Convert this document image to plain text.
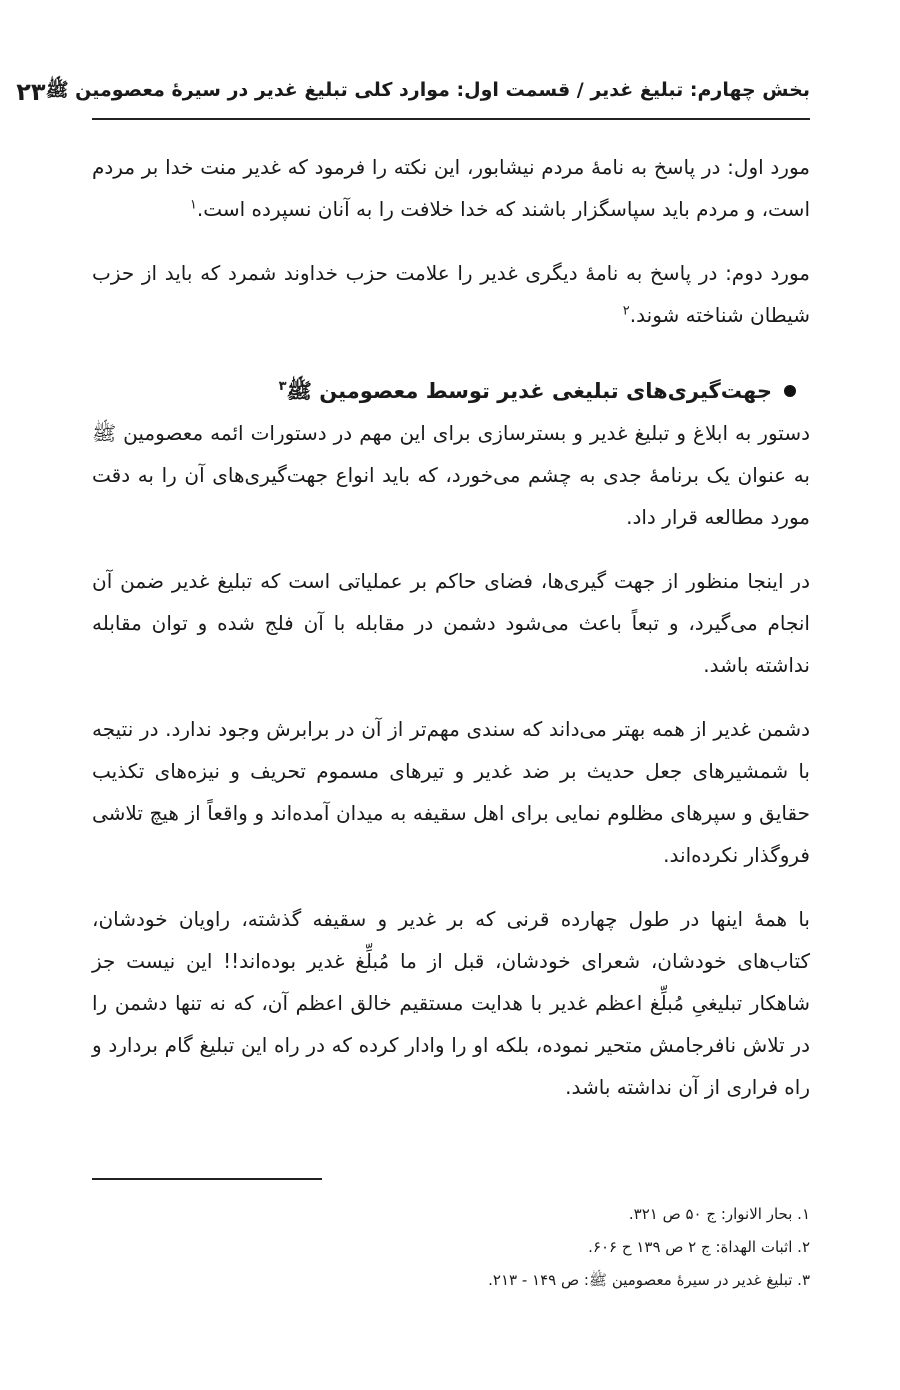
بخش چهارم: تبلیغ غدیر / قسمت اول: موارد کلی تبلیغ غدیر در سیرهٔ معصومین ﷺ
۲۳

مورد اول: در پاسخ به نامهٔ مردم نیشابور، این نکته را فرمود که غدیر منت خدا بر مردم است، و مردم باید سپاسگزار باشند که خدا خلافت را به آنان نسپرده است.$^۱$

مورد دوم: در پاسخ به نامهٔ دیگری غدیر را علامت حزب خداوند شمرد که باید از حزب شیطان شناخته شوند.$^۲$

جهت‌گیری‌های تبلیغی غدیر توسط معصومین ﷺ$^۳$

دستور به ابلاغ و تبلیغ غدیر و بسترسازی برای این مهم در دستورات ائمه معصومین ﷺ به عنوان یک برنامهٔ جدی به چشم می‌خورد، که باید انواع جهت‌گیری‌های آن را به دقت مورد مطالعه قرار داد.

در اینجا منظور از جهت گیری‌ها، فضای حاکم بر عملیاتی است که تبلیغ غدیر ضمن آن انجام می‌گیرد، و تبعاً باعث می‌شود دشمن در مقابله با آن فلج شده و توان مقابله نداشته باشد.

دشمن غدیر از همه بهتر می‌داند که سندی مهم‌تر از آن در برابرش وجود ندارد. در نتیجه با شمشیرهای جعل حدیث بر ضد غدیر و تیرهای مسموم تحریف و نیزه‌های تکذیب حقایق و سپرهای مظلوم نمایی برای اهل سقیفه به میدان آمده‌اند و واقعاً از هیچ تلاشی فروگذار نکرده‌اند.

با همهٔ اینها در طول چهارده قرنی که بر غدیر و سقیفه گذشته، راویان خودشان، کتاب‌های خودشان، شعرای خودشان، قبل از ما مُبلِّغ غدیر بوده‌اند!! این نیست جز شاهکار تبلیغیِ مُبلِّغ اعظم غدیر با هدایت مستقیم خالق اعظم آن، که نه تنها دشمن را در تلاش نافرجامش متحیر نموده، بلکه او را وادار کرده که در راه این تبلیغ گام بردارد و راه فراری از آن نداشته باشد.

۱. بحار الانوار: ج ۵۰ ص ۳۲۱.
۲. اثبات الهداة: ج ۲ ص ۱۳۹ ح ۶۰۶.
۳. تبلیغ غدیر در سیرهٔ معصومین ﷺ: ص ۱۴۹ - ۲۱۳.
